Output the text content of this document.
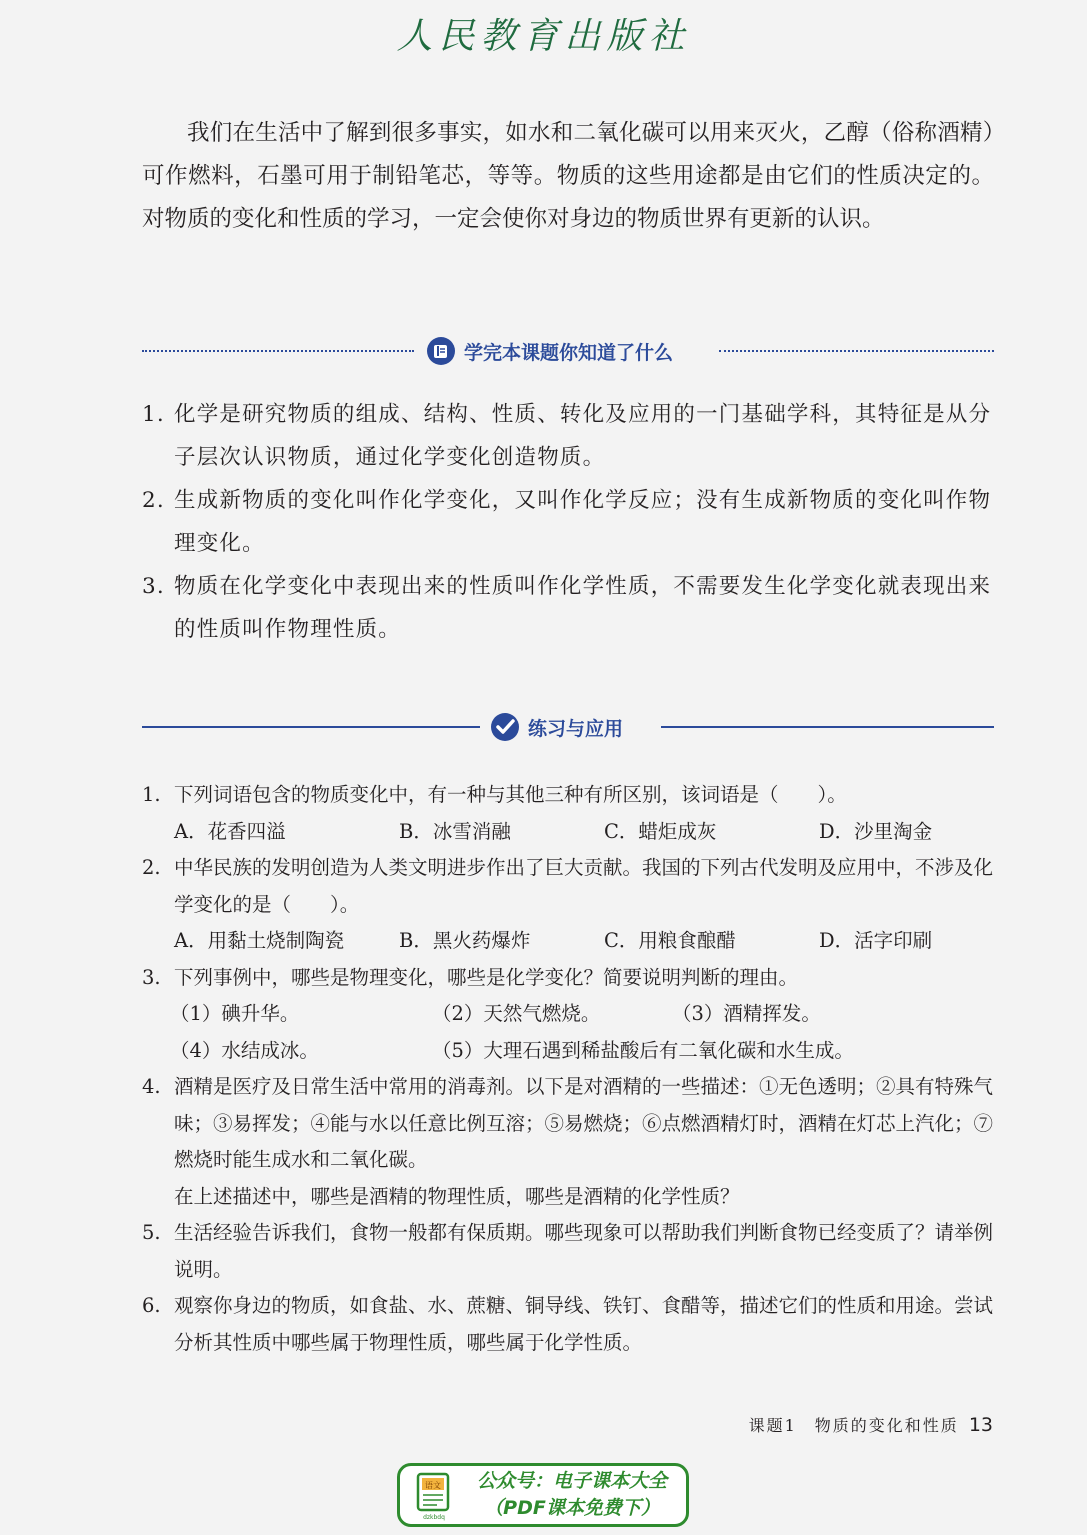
人民教育出版社

我们在生活中了解到很多事实，如水和二氧化碳可以用来灭火，乙醇（俗称酒精）可作燃料，石墨可用于制铅笔芯，等等。物质的这些用途都是由它们的性质决定的。对物质的变化和性质的学习，一定会使你对身边的物质世界有更新的认识。

学完本课题你知道了什么
1. 化学是研究物质的组成、结构、性质、转化及应用的一门基础学科，其特征是从分子层次认识物质，通过化学变化创造物质。
2. 生成新物质的变化叫作化学变化，又叫作化学反应；没有生成新物质的变化叫作物理变化。
3. 物质在化学变化中表现出来的性质叫作化学性质，不需要发生化学变化就表现出来的性质叫作物理性质。
练习与应用
1. 下列词语包含的物质变化中，有一种与其他三种有所区别，该词语是（　　）。
A．花香四溢	B．冰雪消融	C．蜡炬成灰	D．沙里淘金
2. 中华民族的发明创造为人类文明进步作出了巨大贡献。我国的下列古代发明及应用中，不涉及化学变化的是（　　）。
A．用黏土烧制陶瓷	B．黑火药爆炸	C．用粮食酿醋	D．活字印刷
3. 下列事例中，哪些是物理变化，哪些是化学变化？简要说明判断的理由。
（1）碘升华。	（2）天然气燃烧。	（3）酒精挥发。
（4）水结成冰。	（5）大理石遇到稀盐酸后有二氧化碳和水生成。
4. 酒精是医疗及日常生活中常用的消毒剂。以下是对酒精的一些描述：①无色透明；②具有特殊气味；③易挥发；④能与水以任意比例互溶；⑤易燃烧；⑥点燃酒精灯时，酒精在灯芯上汽化；⑦燃烧时能生成水和二氧化碳。
在上述描述中，哪些是酒精的物理性质，哪些是酒精的化学性质？
5. 生活经验告诉我们，食物一般都有保质期。哪些现象可以帮助我们判断食物已经变质了？请举例说明。
6. 观察你身边的物质，如食盐、水、蔗糖、铜导线、铁钉、食醋等，描述它们的性质和用途。尝试分析其性质中哪些属于物理性质，哪些属于化学性质。
课题1　物质的变化和性质 13
语文
dzkbdq
公众号：电子课本大全
（PDF课本免费下）
